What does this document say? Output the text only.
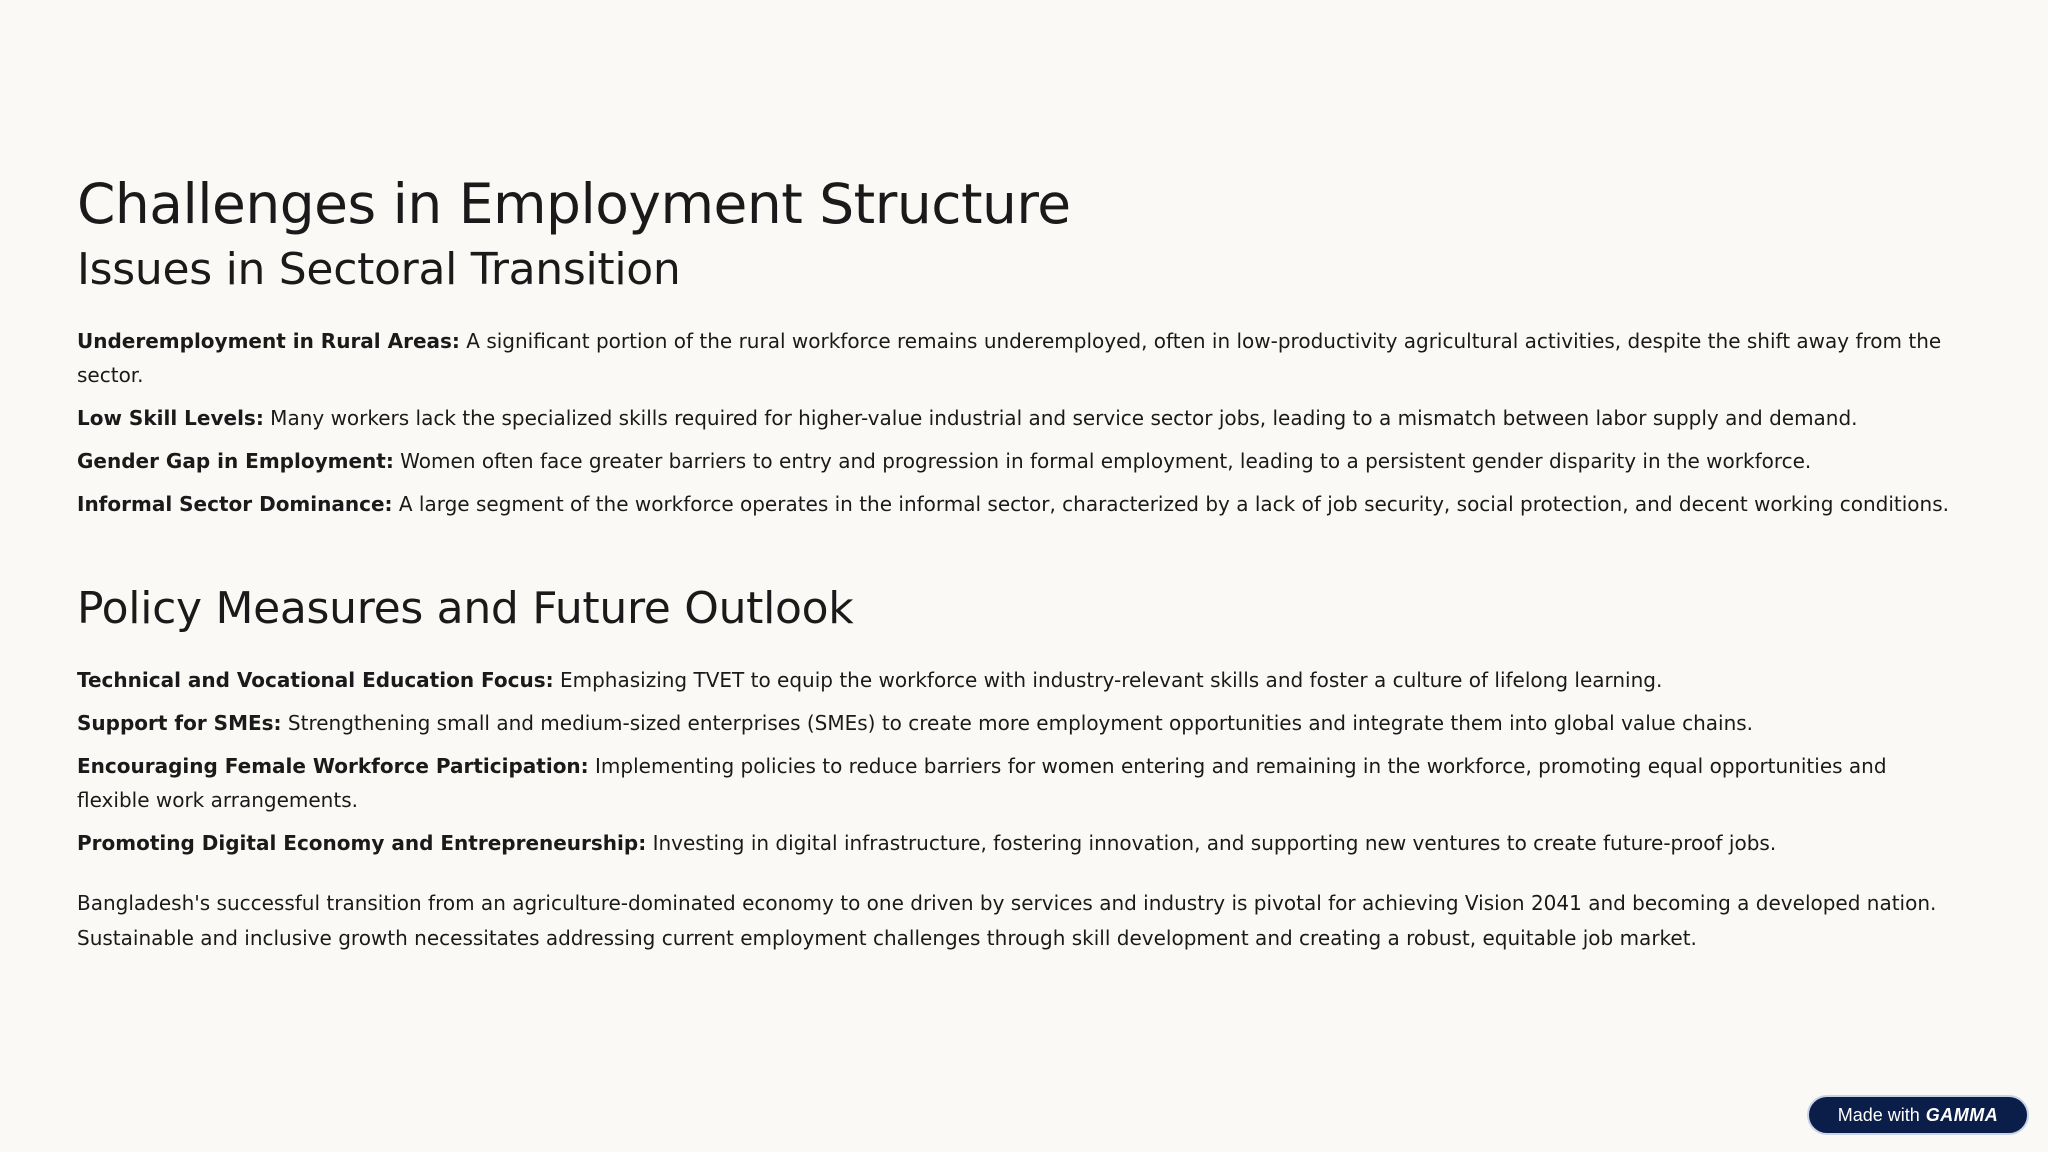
Challenges in Employment Structure
Issues in Sectoral Transition
Underemployment in Rural Areas: A significant portion of the rural workforce remains underemployed, often in low-productivity agricultural activities, despite the shift away from the sector.
Low Skill Levels: Many workers lack the specialized skills required for higher-value industrial and service sector jobs, leading to a mismatch between labor supply and demand.
Gender Gap in Employment: Women often face greater barriers to entry and progression in formal employment, leading to a persistent gender disparity in the workforce.
Informal Sector Dominance: A large segment of the workforce operates in the informal sector, characterized by a lack of job security, social protection, and decent working conditions.
Policy Measures and Future Outlook
Technical and Vocational Education Focus: Emphasizing TVET to equip the workforce with industry-relevant skills and foster a culture of lifelong learning.
Support for SMEs: Strengthening small and medium-sized enterprises (SMEs) to create more employment opportunities and integrate them into global value chains.
Encouraging Female Workforce Participation: Implementing policies to reduce barriers for women entering and remaining in the workforce, promoting equal opportunities and flexible work arrangements.
Promoting Digital Economy and Entrepreneurship: Investing in digital infrastructure, fostering innovation, and supporting new ventures to create future-proof jobs.

Bangladesh's successful transition from an agriculture-dominated economy to one driven by services and industry is pivotal for achieving Vision 2041 and becoming a developed nation. Sustainable and inclusive growth necessitates addressing current employment challenges through skill development and creating a robust, equitable job market.

Made with GAMMA
